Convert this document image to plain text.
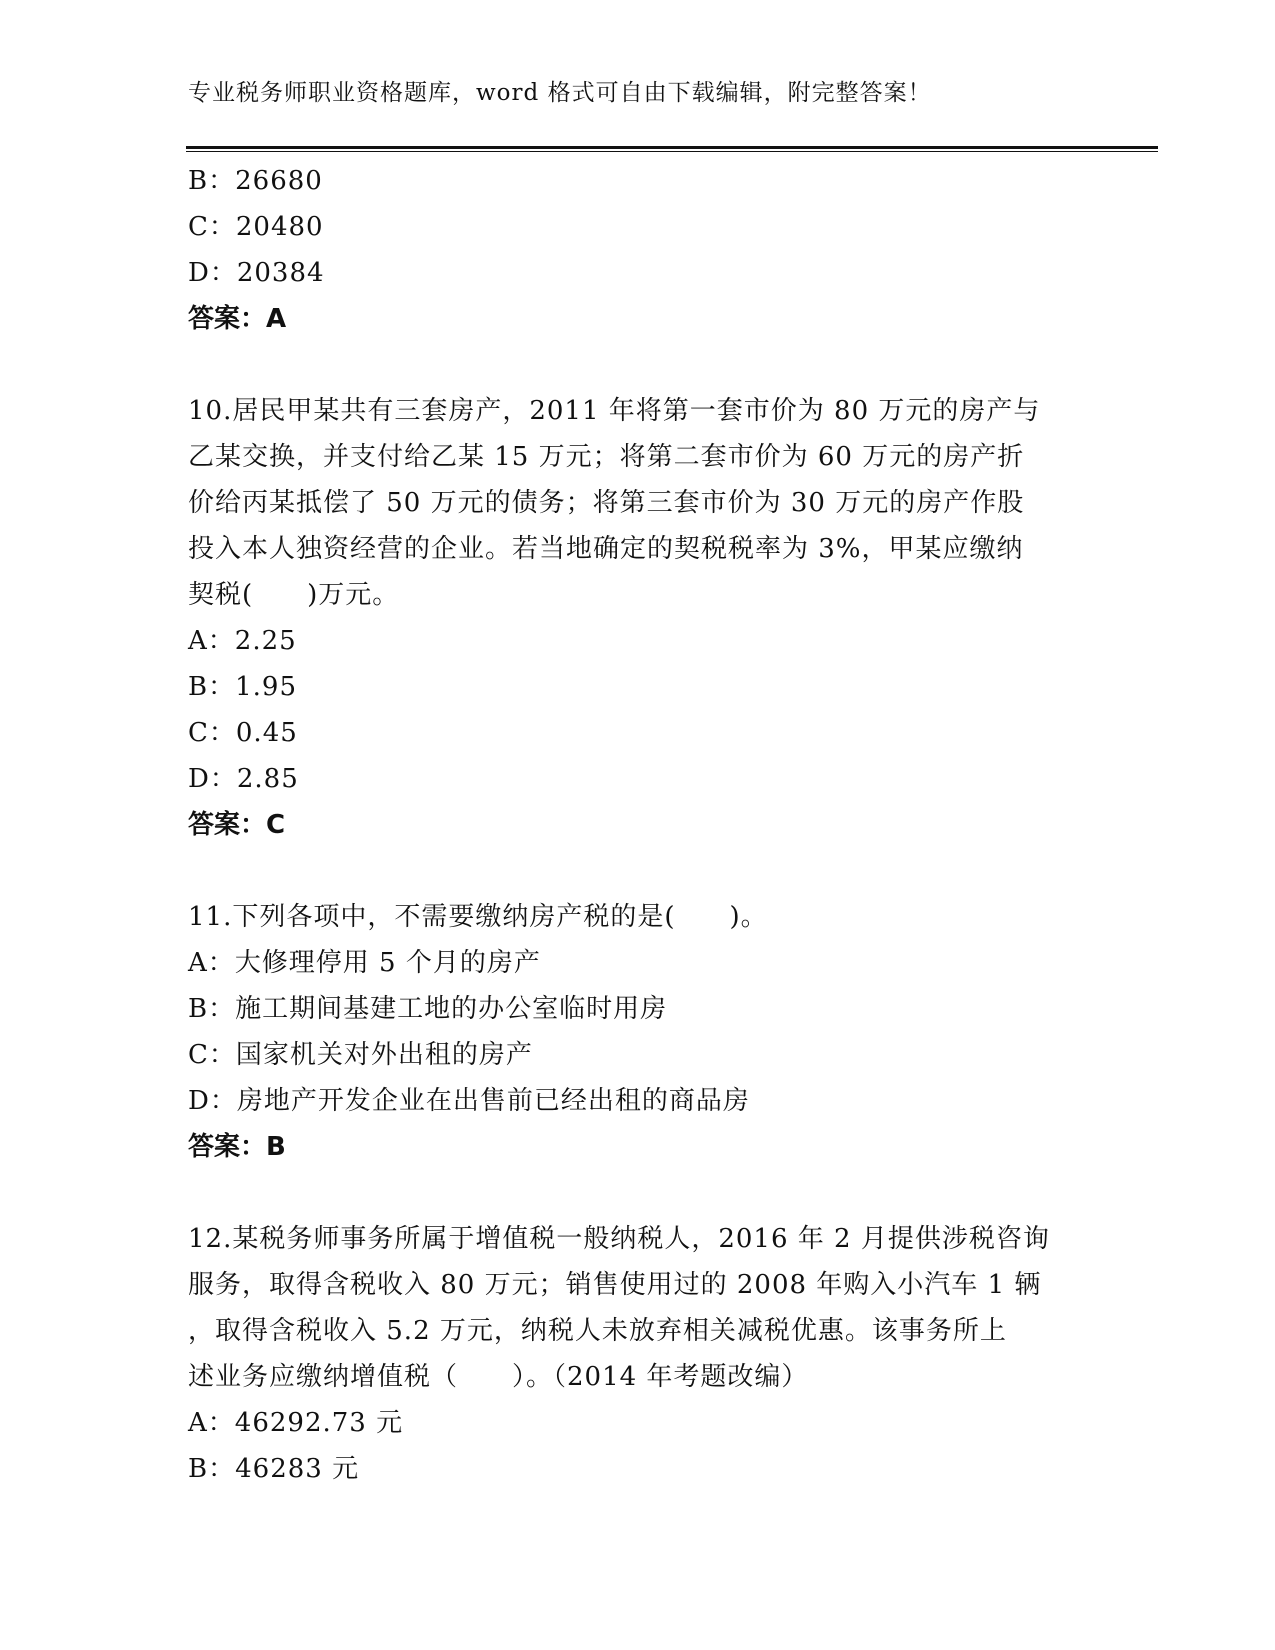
专业税务师职业资格题库，word 格式可自由下载编辑，附完整答案！
B：26680
C：20480
D：20384
答案：A
10.居民甲某共有三套房产，2011 年将第一套市价为 80 万元的房产与
乙某交换，并支付给乙某 15 万元；将第二套市价为 60 万元的房产折
价给丙某抵偿了 50 万元的债务；将第三套市价为 30 万元的房产作股
投入本人独资经营的企业。若当地确定的契税税率为 3%，甲某应缴纳
契税(　　)万元。
A：2.25
B：1.95
C：0.45
D：2.85
答案：C
11.下列各项中，不需要缴纳房产税的是(　　)。
A：大修理停用 5 个月的房产
B：施工期间基建工地的办公室临时用房
C：国家机关对外出租的房产
D：房地产开发企业在出售前已经出租的商品房
答案：B
12.某税务师事务所属于增值税一般纳税人，2016 年 2 月提供涉税咨询
服务，取得含税收入 80 万元；销售使用过的 2008 年购入小汽车 1 辆
，取得含税收入 5.2 万元，纳税人未放弃相关减税优惠。该事务所上
述业务应缴纳增值税（　　）。（2014 年考题改编）
A：46292.73 元
B：46283 元
